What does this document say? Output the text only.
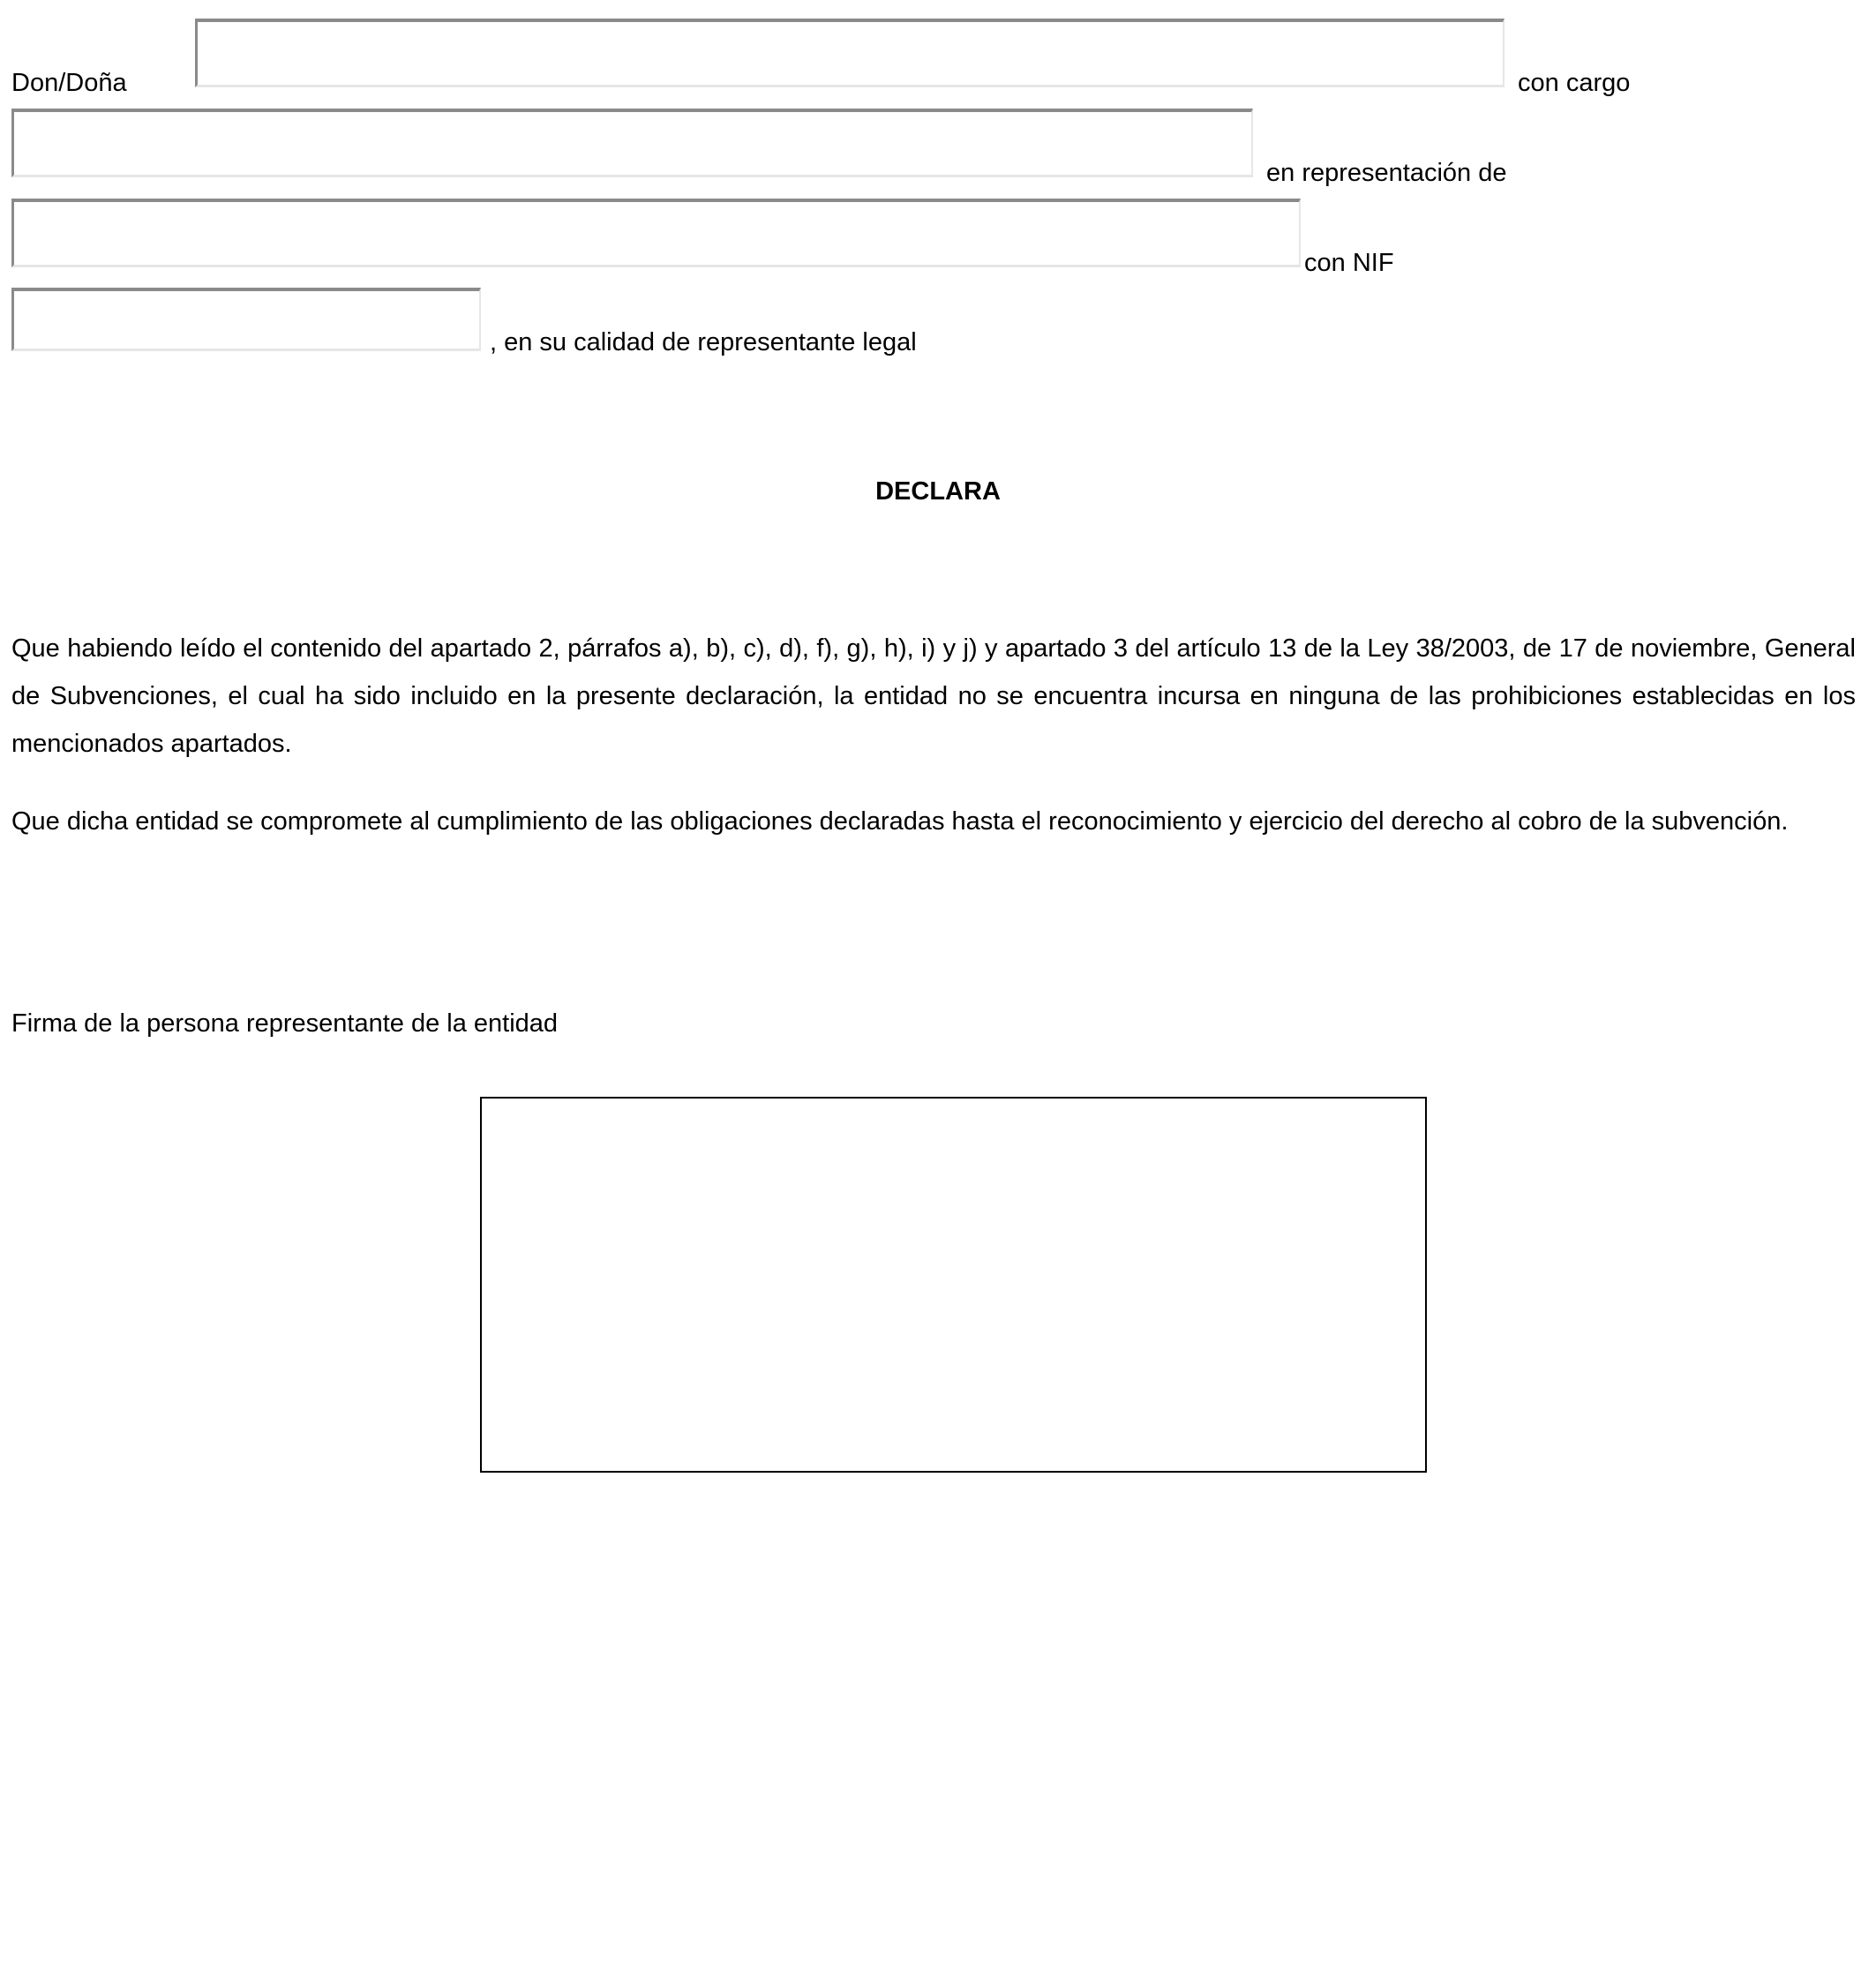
Don/Doña	con cargo
en representación de
con NIF
, en su calidad de representante legal
DECLARA

Que habiendo leído el contenido del apartado 2, párrafos a), b), c), d), f), g), h), i) y j) y apartado 3 del artículo 13 de la Ley 38/2003, de 17 de noviembre, General de Subvenciones, el cual ha sido incluido en la presente declaración, la entidad no se encuentra incursa en ninguna de las prohibiciones establecidas en los mencionados apartados.

Que dicha entidad se compromete al cumplimiento de las obligaciones declaradas hasta el reconocimiento y ejercicio del derecho al cobro de la subvención.

Firma de la persona representante de la entidad
